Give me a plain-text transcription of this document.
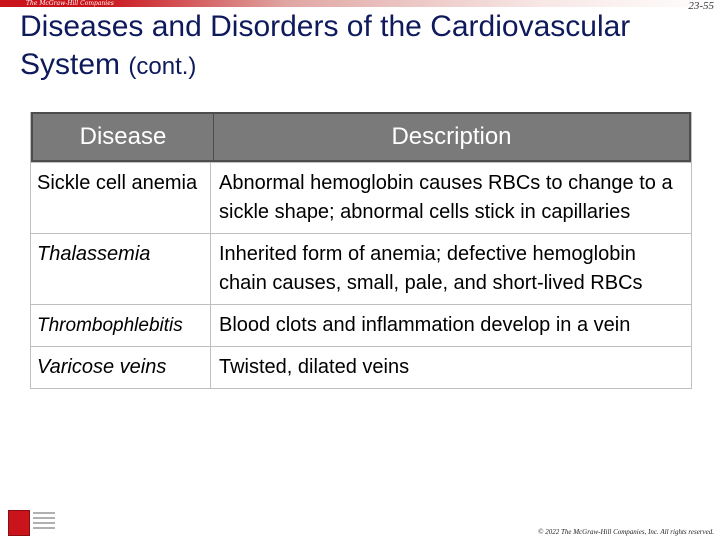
The McGraw-Hill Companies	23-55
Diseases and Disorders of the Cardiovascular System (cont.)
Disease	Description
Sickle cell anemia	Abnormal hemoglobin causes RBCs to change to a sickle shape; abnormal cells stick in capillaries
Thalassemia	Inherited form of anemia; defective hemoglobin chain causes, small, pale, and short-lived RBCs
Thrombophlebitis	Blood clots and inflammation develop in a vein
Varicose veins	Twisted, dilated veins
© 2022 The McGraw-Hill Companies, Inc. All rights reserved.
